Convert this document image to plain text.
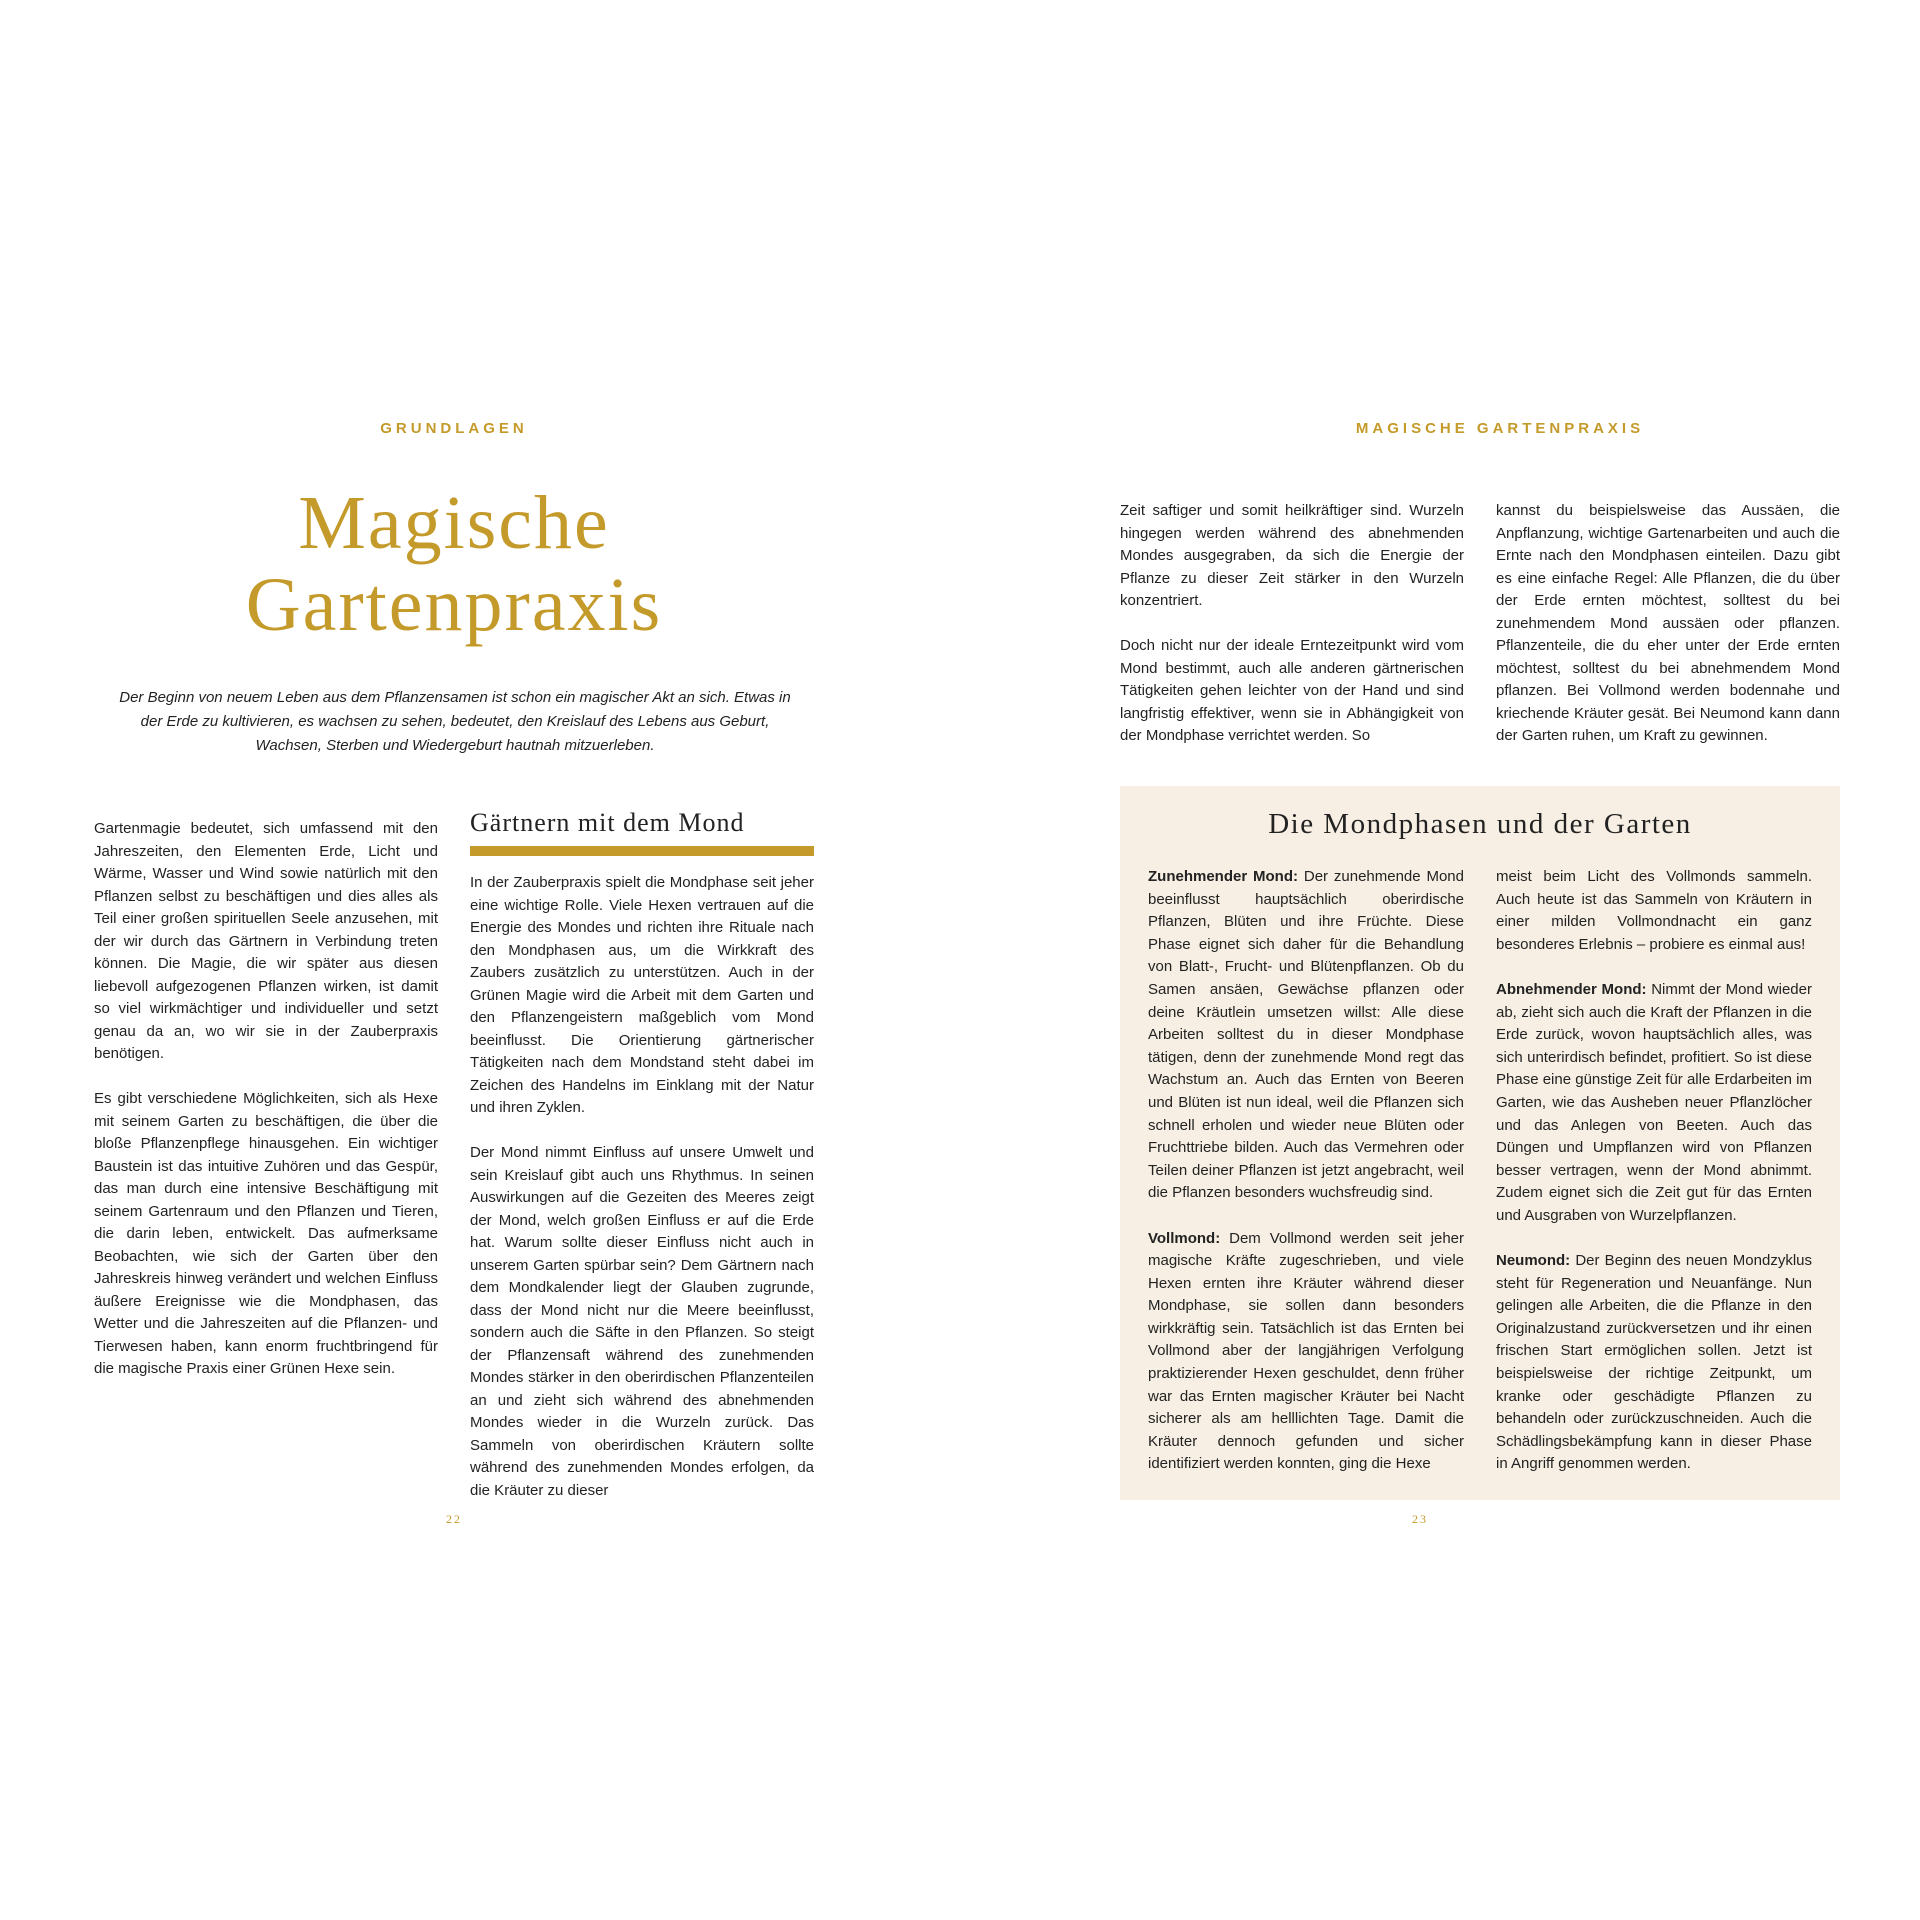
GRUNDLAGEN
Magische
Gartenpraxis

Der Beginn von neuem Leben aus dem Pflanzensamen ist schon ein magischer Akt an sich. Etwas in der Erde zu kultivieren, es wachsen zu sehen, bedeutet, den Kreislauf des Lebens aus Geburt, Wachsen, Sterben und Wiedergeburt hautnah mitzuerleben.

Gartenmagie bedeutet, sich umfassend mit den Jahreszeiten, den Elementen Erde, Licht und Wärme, Wasser und Wind sowie natürlich mit den Pflanzen selbst zu beschäftigen und dies alles als Teil einer großen spirituellen Seele anzusehen, mit der wir durch das Gärtnern in Verbindung treten können. Die Magie, die wir später aus diesen liebevoll aufgezogenen Pflanzen wirken, ist damit so viel wirkmächtiger und individueller und setzt genau da an, wo wir sie in der Zauberpraxis benötigen.

Es gibt verschiedene Möglichkeiten, sich als Hexe mit seinem Garten zu beschäftigen, die über die bloße Pflanzenpflege hinausgehen. Ein wichtiger Baustein ist das intuitive Zuhören und das Gespür, das man durch eine intensive Beschäftigung mit seinem Gartenraum und den Pflanzen und Tieren, die darin leben, entwickelt. Das aufmerksame Beobachten, wie sich der Garten über den Jahreskreis hinweg verändert und welchen Einfluss äußere Ereignisse wie die Mondphasen, das Wetter und die Jahreszeiten auf die Pflanzen- und Tierwesen haben, kann enorm fruchtbringend für die magische Praxis einer Grünen Hexe sein.

Gärtnern mit dem Mond

In der Zauberpraxis spielt die Mondphase seit jeher eine wichtige Rolle. Viele Hexen vertrauen auf die Energie des Mondes und richten ihre Rituale nach den Mondphasen aus, um die Wirkkraft des Zaubers zusätzlich zu unterstützen. Auch in der Grünen Magie wird die Arbeit mit dem Garten und den Pflanzengeistern maßgeblich vom Mond beeinflusst. Die Orientierung gärtnerischer Tätigkeiten nach dem Mondstand steht dabei im Zeichen des Handelns im Einklang mit der Natur und ihren Zyklen.

Der Mond nimmt Einfluss auf unsere Umwelt und sein Kreislauf gibt auch uns Rhythmus. In seinen Auswirkungen auf die Gezeiten des Meeres zeigt der Mond, welch großen Einfluss er auf die Erde hat. Warum sollte dieser Einfluss nicht auch in unserem Garten spürbar sein? Dem Gärtnern nach dem Mondkalender liegt der Glauben zugrunde, dass der Mond nicht nur die Meere beeinflusst, sondern auch die Säfte in den Pflanzen. So steigt der Pflanzensaft während des zunehmenden Mondes stärker in den oberirdischen Pflanzenteilen an und zieht sich während des abnehmenden Mondes wieder in die Wurzeln zurück. Das Sammeln von oberirdischen Kräutern sollte während des zunehmenden Mondes erfolgen, da die Kräuter zu dieser

22
MAGISCHE GARTENPRAXIS

Zeit saftiger und somit heilkräftiger sind. Wurzeln hingegen werden während des abnehmenden Mondes ausgegraben, da sich die Energie der Pflanze zu dieser Zeit stärker in den Wurzeln konzentriert.

Doch nicht nur der ideale Erntezeitpunkt wird vom Mond bestimmt, auch alle anderen gärtnerischen Tätigkeiten gehen leichter von der Hand und sind langfristig effektiver, wenn sie in Abhängigkeit von der Mondphase verrichtet werden. So

kannst du beispielsweise das Aussäen, die Anpflanzung, wichtige Gartenarbeiten und auch die Ernte nach den Mondphasen einteilen. Dazu gibt es eine einfache Regel: Alle Pflanzen, die du über der Erde ernten möchtest, solltest du bei zunehmendem Mond aussäen oder pflanzen. Pflanzenteile, die du eher unter der Erde ernten möchtest, solltest du bei abnehmendem Mond pflanzen. Bei Vollmond werden bodennahe und kriechende Kräuter gesät. Bei Neumond kann dann der Garten ruhen, um Kraft zu gewinnen.

Die Mondphasen und der Garten

Zunehmender Mond: Der zunehmende Mond beeinflusst hauptsächlich oberirdische Pflanzen, Blüten und ihre Früchte. Diese Phase eignet sich daher für die Behandlung von Blatt-, Frucht- und Blütenpflanzen. Ob du Samen ansäen, Gewächse pflanzen oder deine Kräutlein umsetzen willst: Alle diese Arbeiten solltest du in dieser Mondphase tätigen, denn der zunehmende Mond regt das Wachstum an. Auch das Ernten von Beeren und Blüten ist nun ideal, weil die Pflanzen sich schnell erholen und wieder neue Blüten oder Fruchttriebe bilden. Auch das Vermehren oder Teilen deiner Pflanzen ist jetzt angebracht, weil die Pflanzen besonders wuchsfreudig sind.

Vollmond: Dem Vollmond werden seit jeher magische Kräfte zugeschrieben, und viele Hexen ernten ihre Kräuter während dieser Mondphase, sie sollen dann besonders wirkkräftig sein. Tatsächlich ist das Ernten bei Vollmond aber der langjährigen Verfolgung praktizierender Hexen geschuldet, denn früher war das Ernten magischer Kräuter bei Nacht sicherer als am helllichten Tage. Damit die Kräuter dennoch gefunden und sicher identifiziert werden konnten, ging die Hexe

meist beim Licht des Vollmonds sammeln. Auch heute ist das Sammeln von Kräutern in einer milden Vollmondnacht ein ganz besonderes Erlebnis – probiere es einmal aus!

Abnehmender Mond: Nimmt der Mond wieder ab, zieht sich auch die Kraft der Pflanzen in die Erde zurück, wovon hauptsächlich alles, was sich unterirdisch befindet, profitiert. So ist diese Phase eine günstige Zeit für alle Erdarbeiten im Garten, wie das Ausheben neuer Pflanzlöcher und das Anlegen von Beeten. Auch das Düngen und Umpflanzen wird von Pflanzen besser vertragen, wenn der Mond abnimmt. Zudem eignet sich die Zeit gut für das Ernten und Ausgraben von Wurzelpflanzen.

Neumond: Der Beginn des neuen Mondzyklus steht für Regeneration und Neuanfänge. Nun gelingen alle Arbeiten, die die Pflanze in den Originalzustand zurückversetzen und ihr einen frischen Start ermöglichen sollen. Jetzt ist beispielsweise der richtige Zeitpunkt, um kranke oder geschädigte Pflanzen zu behandeln oder zurückzuschneiden. Auch die Schädlingsbekämpfung kann in dieser Phase in Angriff genommen werden.

23
